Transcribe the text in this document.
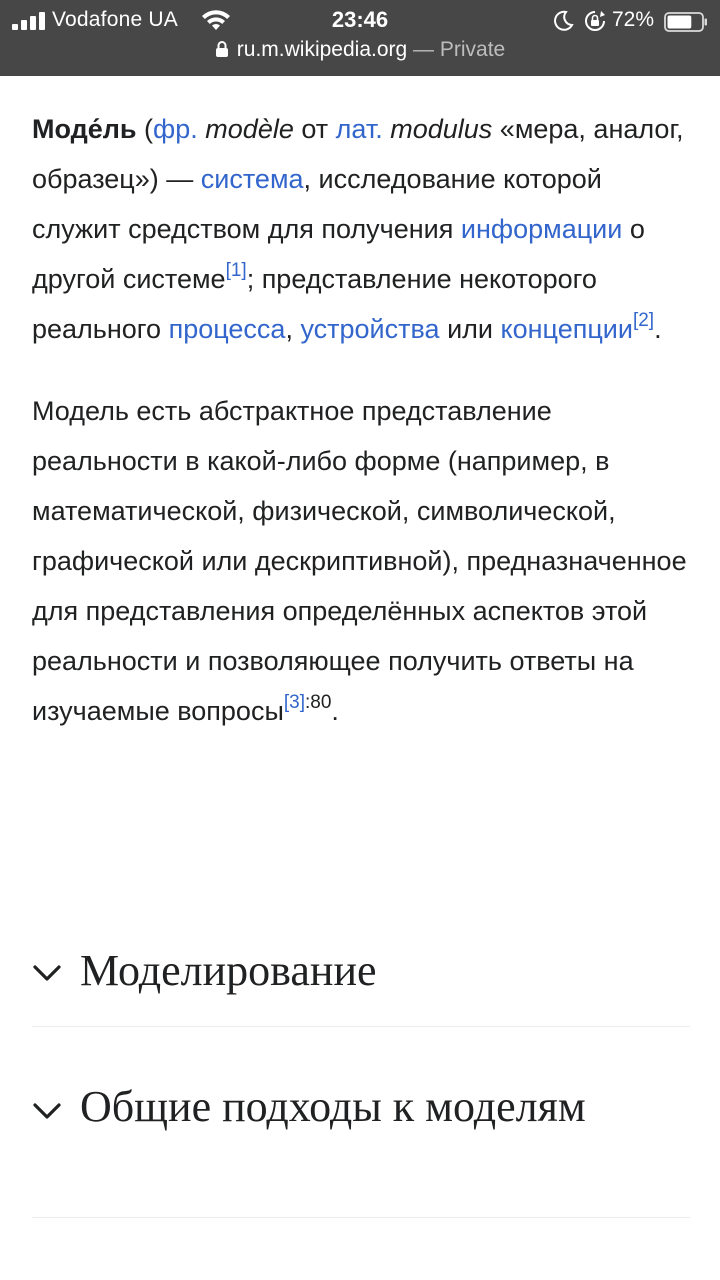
Vodafone UA	23:46	72%
ru.m.wikipedia.org — Private

Моде́ль (фр. modèle от лат. modulus «мера, аналог, образец») — система, исследование которой служит средством для получения информации о другой системе[1]; представление некоторого реального процесса, устройства или концепции[2].

Модель есть абстрактное представление реальности в какой-либо форме (например, в математической, физической, символической, графической или дескриптивной), предназначенное для представления определённых аспектов этой реальности и позволяющее получить ответы на изучаемые вопросы$^{[3]:80}$.

Моделирование
Общие подходы к моделям
